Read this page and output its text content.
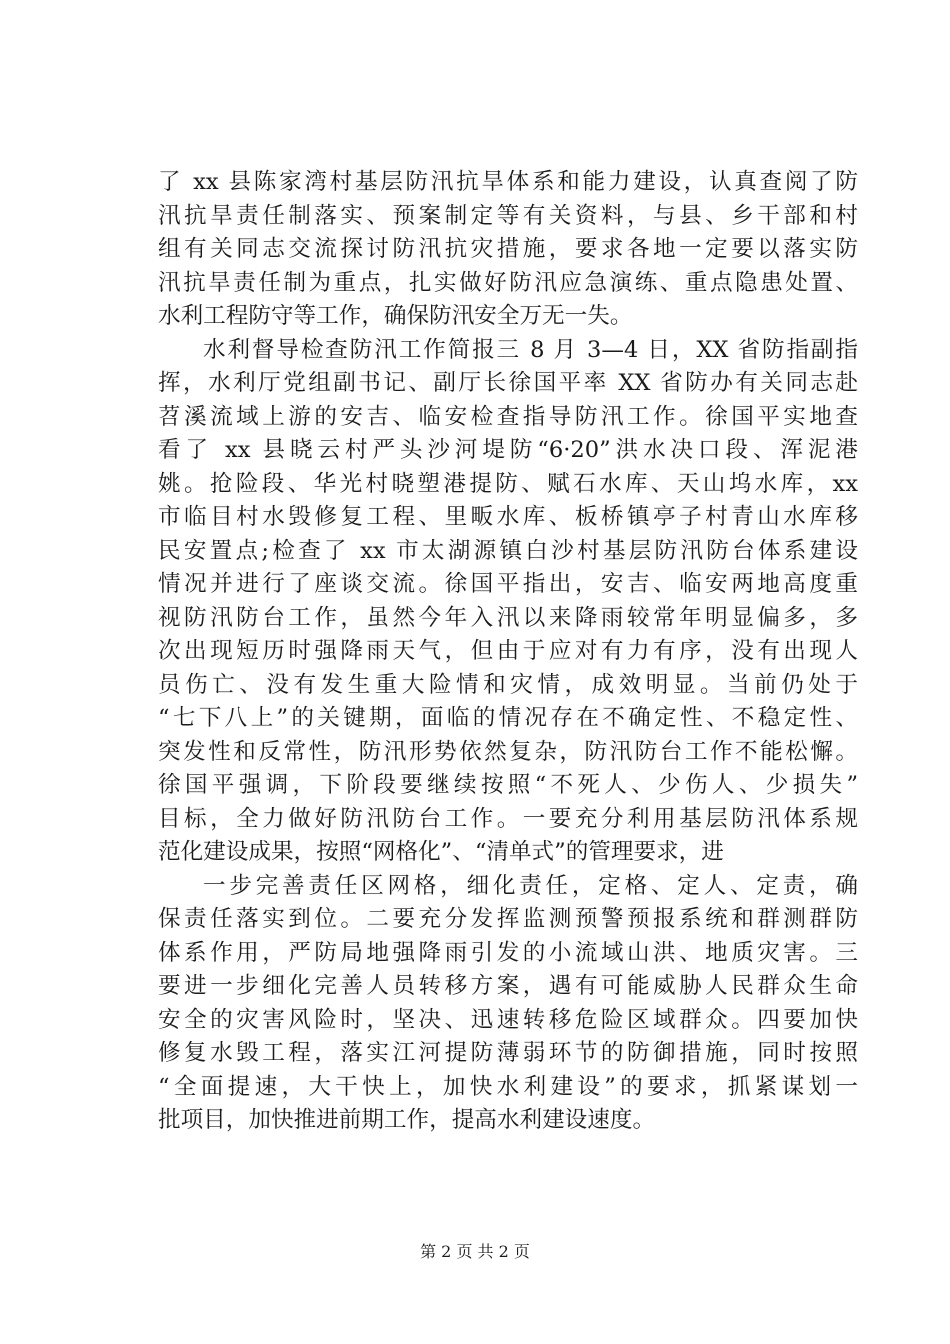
了 xx 县陈家湾村基层防汛抗旱体系和能力建设，认真查阅了防
汛抗旱责任制落实、预案制定等有关资料，与县、乡干部和村
组有关同志交流探讨防汛抗灾措施，要求各地一定要以落实防
汛抗旱责任制为重点，扎实做好防汛应急演练、重点隐患处置、
水利工程防守等工作，确保防汛安全万无一失。
水利督导检查防汛工作简报三 8 月 3—4 日，XX 省防指副指
挥，水利厅党组副书记、副厅长徐国平率 XX 省防办有关同志赴
苕溪流域上游的安吉、临安检查指导防汛工作。徐国平实地查
看了 xx 县晓云村严头沙河堤防“6·20”洪水决口段、浑泥港
姚。抢险段、华光村晓塑港提防、赋石水库、天山坞水库，xx
市临目村水毁修复工程、里畈水库、板桥镇亭子村青山水库移
民安置点;检查了 xx 市太湖源镇白沙村基层防汛防台体系建设
情况并进行了座谈交流。徐国平指出，安吉、临安两地高度重
视防汛防台工作，虽然今年入汛以来降雨较常年明显偏多，多
次出现短历时强降雨天气，但由于应对有力有序，没有出现人
员伤亡、没有发生重大险情和灾情，成效明显。当前仍处于
“七下八上”的关键期，面临的情况存在不确定性、不稳定性、
突发性和反常性，防汛形势依然复杂，防汛防台工作不能松懈。
徐国平强调，下阶段要继续按照“不死人、少伤人、少损失”
目标，全力做好防汛防台工作。一要充分利用基层防汛体系规
范化建设成果，按照“网格化”、“清单式”的管理要求，进
一步完善责任区网格，细化责任，定格、定人、定责，确
保责任落实到位。二要充分发挥监测预警预报系统和群测群防
体系作用，严防局地强降雨引发的小流域山洪、地质灾害。三
要进一步细化完善人员转移方案，遇有可能威胁人民群众生命
安全的灾害风险时，坚决、迅速转移危险区域群众。四要加快
修复水毁工程，落实江河提防薄弱环节的防御措施，同时按照
“全面提速，大干快上，加快水利建设”的要求，抓紧谋划一
批项目，加快推进前期工作，提高水利建设速度。
第 2 页 共 2 页
